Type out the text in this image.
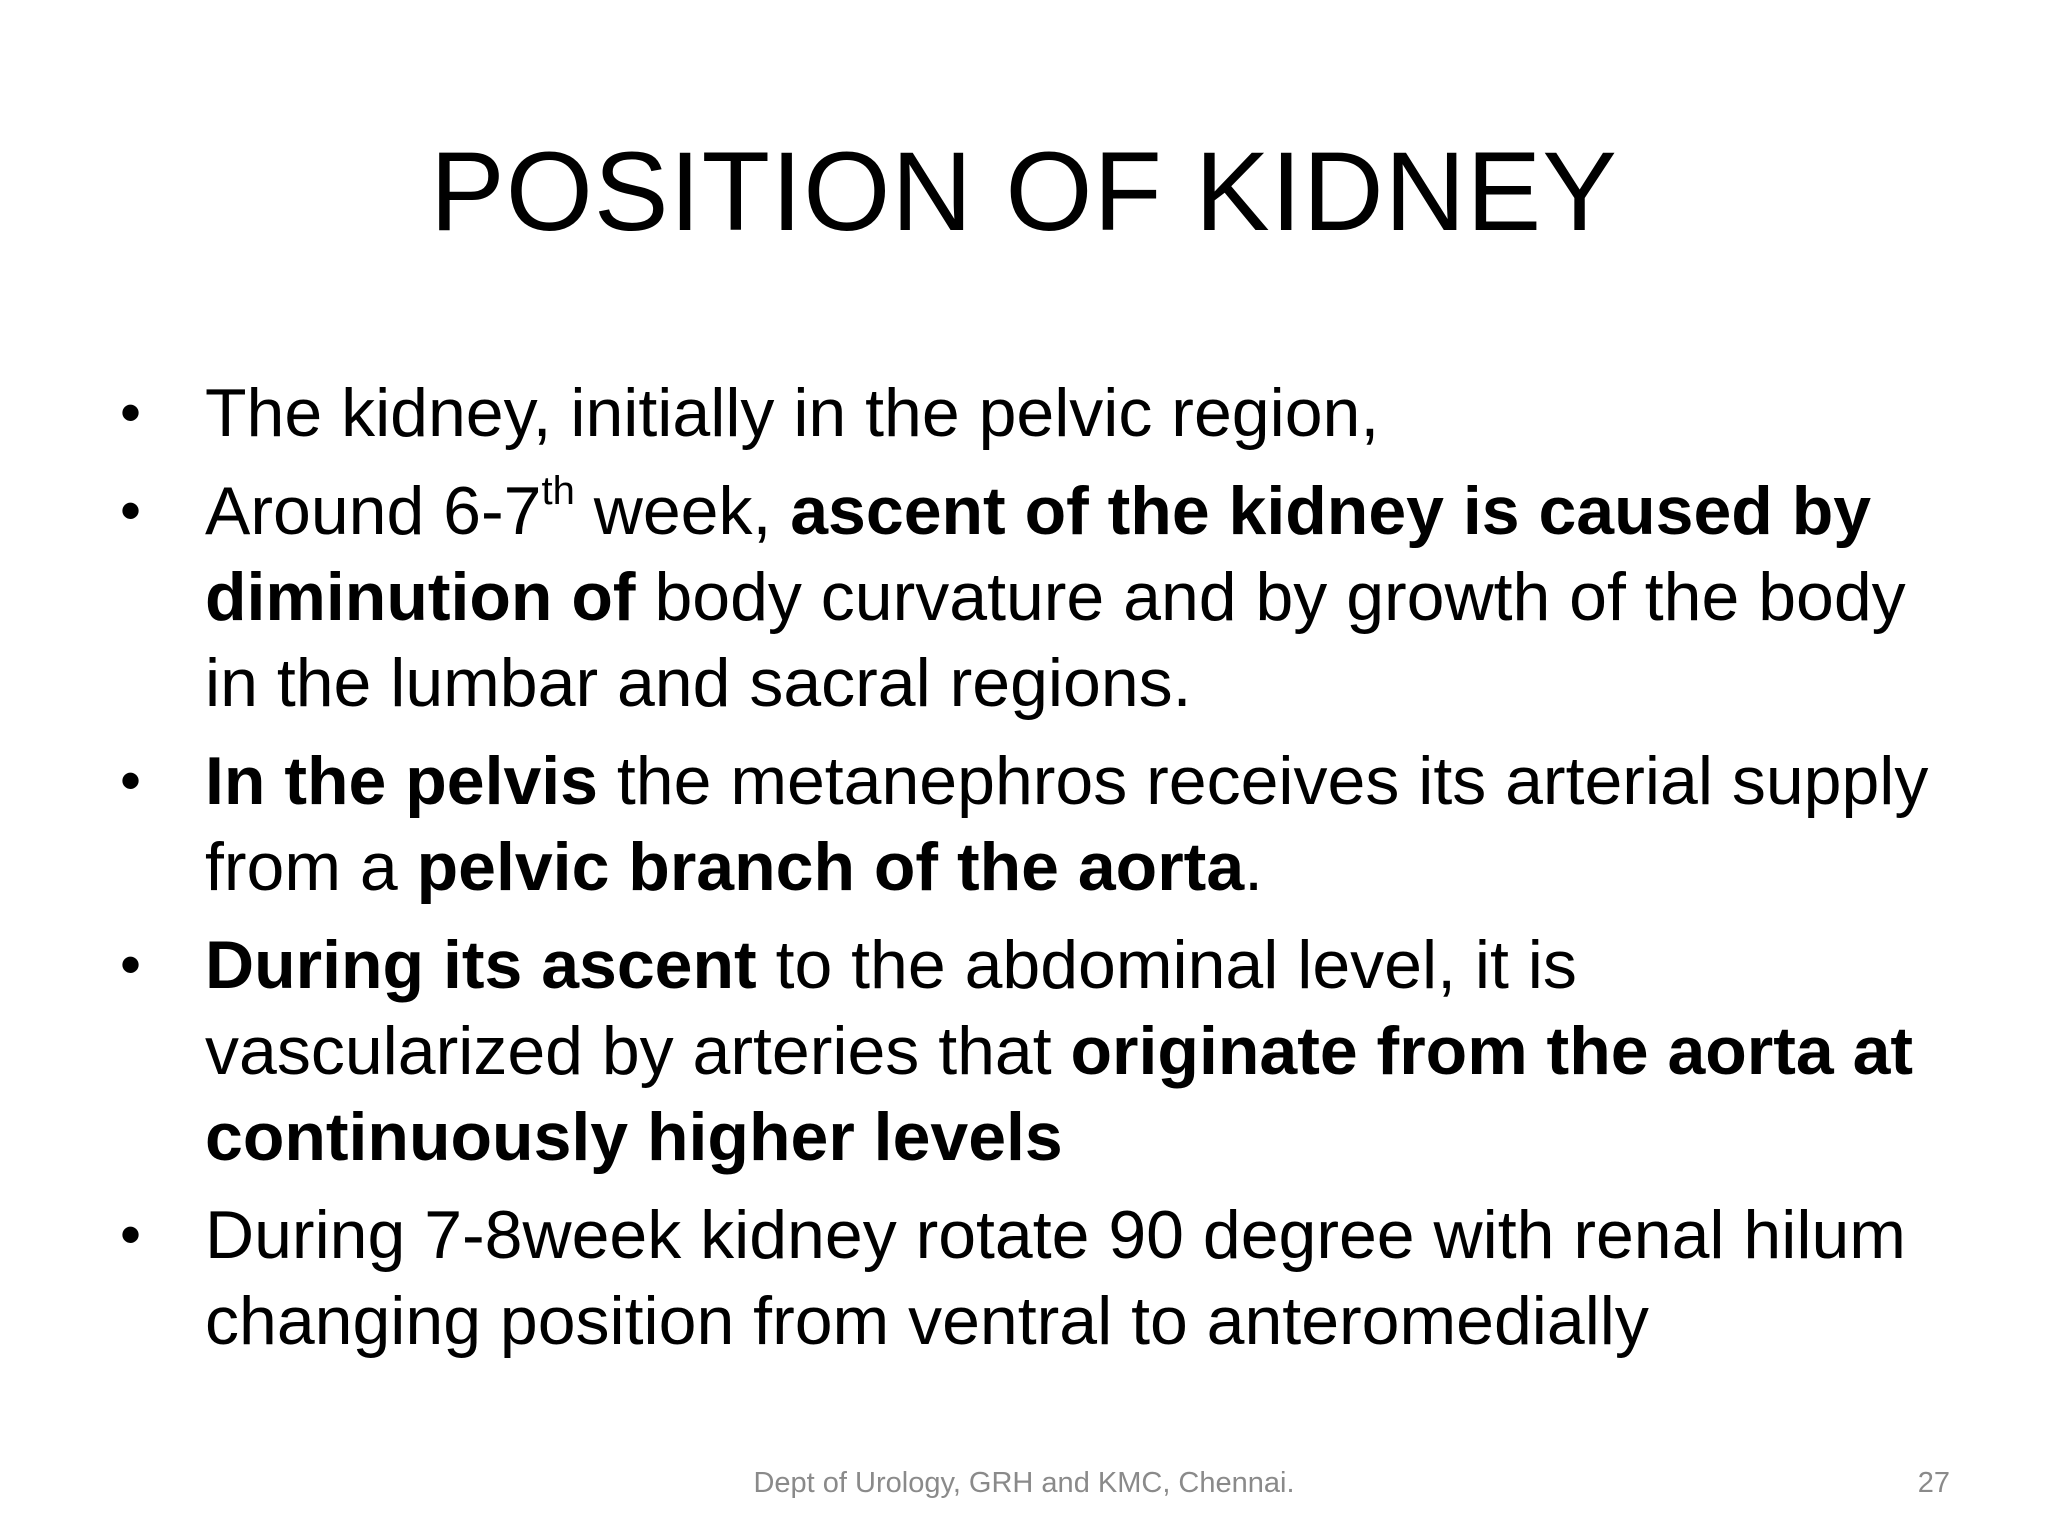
POSITION OF KIDNEY
• The kidney, initially in the pelvic region,
• Around 6-7th week, ascent of the kidney is caused by diminution of body curvature and by growth of the body in the lumbar and sacral regions.
• In the pelvis the metanephros receives its arterial supply from a pelvic branch of the aorta.
• During its ascent to the abdominal level, it is vascularized by arteries that originate from the aorta at continuously higher levels
• During 7-8week kidney rotate 90 degree with renal hilum changing position from ventral to anteromedially
Dept of Urology, GRH and KMC, Chennai.	27
